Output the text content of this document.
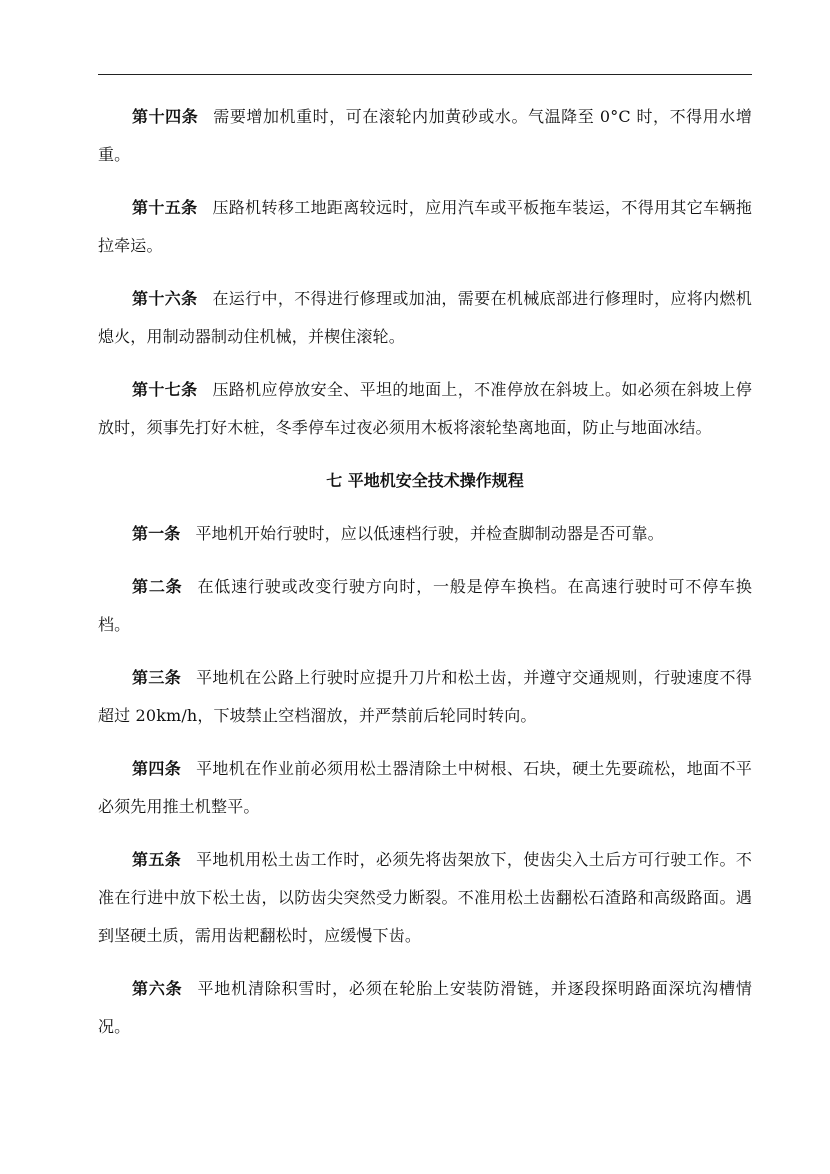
第十四条 需要增加机重时，可在滚轮内加黄砂或水。气温降至 0°C 时，不得用水增重。

第十五条 压路机转移工地距离较远时，应用汽车或平板拖车装运，不得用其它车辆拖拉牵运。

第十六条 在运行中，不得进行修理或加油，需要在机械底部进行修理时，应将内燃机熄火，用制动器制动住机械，并楔住滚轮。

第十七条 压路机应停放安全、平坦的地面上，不准停放在斜坡上。如必须在斜坡上停放时，须事先打好木桩，冬季停车过夜必须用木板将滚轮垫离地面，防止与地面冰结。

七 平地机安全技术操作规程

第一条 平地机开始行驶时，应以低速档行驶，并检查脚制动器是否可靠。

第二条 在低速行驶或改变行驶方向时，一般是停车换档。在高速行驶时可不停车换档。

第三条 平地机在公路上行驶时应提升刀片和松土齿，并遵守交通规则，行驶速度不得超过 20km/h，下坡禁止空档溜放，并严禁前后轮同时转向。

第四条 平地机在作业前必须用松土器清除土中树根、石块，硬土先要疏松，地面不平必须先用推土机整平。

第五条 平地机用松土齿工作时，必须先将齿架放下，使齿尖入土后方可行驶工作。不准在行进中放下松土齿，以防齿尖突然受力断裂。不准用松土齿翻松石渣路和高级路面。遇到坚硬土质，需用齿耙翻松时，应缓慢下齿。

第六条 平地机清除积雪时，必须在轮胎上安装防滑链，并逐段探明路面深坑沟槽情况。
